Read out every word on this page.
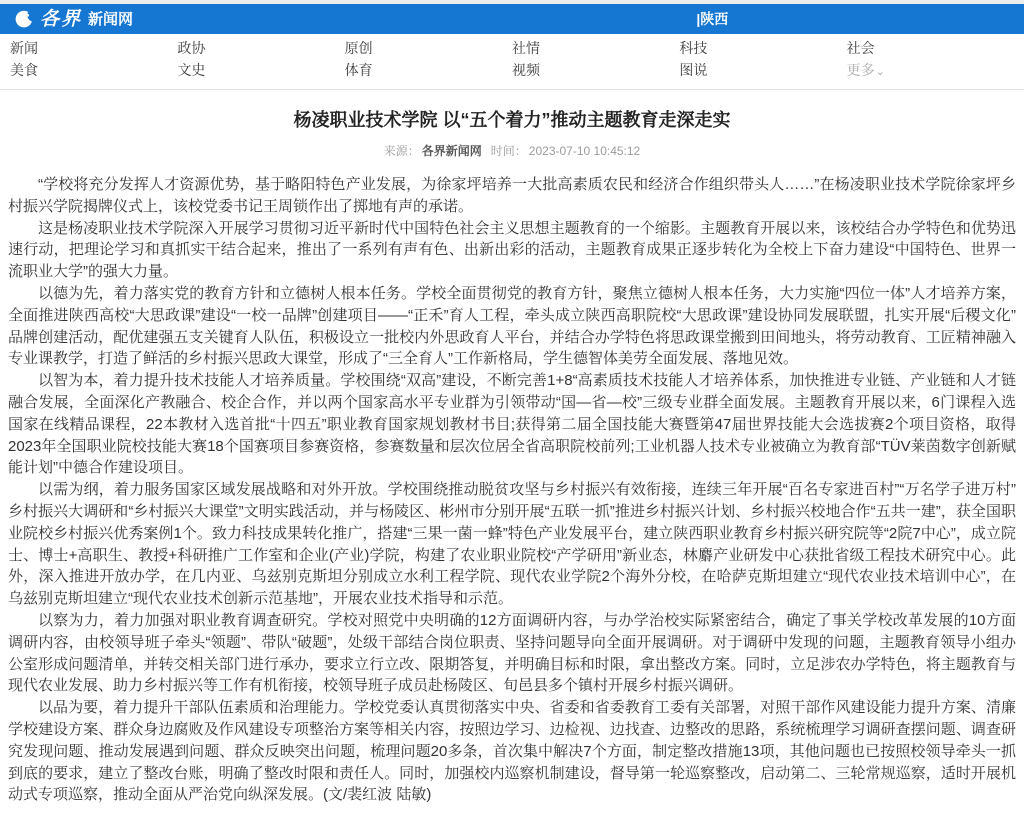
各界 新闻网	|陕西
新闻	政协	原创	社情	科技	社会
美食	文史	体育	视频	图说	更多⌄
杨凌职业技术学院 以“五个着力”推动主题教育走深走实
来源： 各界新闻网 时间： 2023-07-10 10:45:12

“学校将充分发挥人才资源优势，基于略阳特色产业发展，为徐家坪培养一大批高素质农民和经济合作组织带头人……”在杨凌职业技术学院徐家坪乡村振兴学院揭牌仪式上，该校党委书记王周锁作出了掷地有声的承诺。

这是杨凌职业技术学院深入开展学习贯彻习近平新时代中国特色社会主义思想主题教育的一个缩影。主题教育开展以来，该校结合办学特色和优势迅速行动，把理论学习和真抓实干结合起来，推出了一系列有声有色、出新出彩的活动，主题教育成果正逐步转化为全校上下奋力建设“中国特色、世界一流职业大学”的强大力量。

以德为先，着力落实党的教育方针和立德树人根本任务。学校全面贯彻党的教育方针，聚焦立德树人根本任务，大力实施“四位一体”人才培养方案，全面推进陕西高校“大思政课”建设“一校一品牌”创建项目——“正禾”育人工程，牵头成立陕西高职院校“大思政课”建设协同发展联盟，扎实开展“后稷文化”品牌创建活动，配优建强五支关键育人队伍，积极设立一批校内外思政育人平台，并结合办学特色将思政课堂搬到田间地头，将劳动教育、工匠精神融入专业课教学，打造了鲜活的乡村振兴思政大课堂，形成了“三全育人”工作新格局，学生德智体美劳全面发展、落地见效。

以智为本，着力提升技术技能人才培养质量。学校围绕“双高”建设，不断完善1+8“高素质技术技能人才培养体系，加快推进专业链、产业链和人才链融合发展，全面深化产教融合、校企合作，并以两个国家高水平专业群为引领带动“国—省—校”三级专业群全面发展。主题教育开展以来，6门课程入选国家在线精品课程，22本教材入选首批“十四五”职业教育国家规划教材书目;获得第二届全国技能大赛暨第47届世界技能大会选拔赛2个项目资格，取得2023年全国职业院校技能大赛18个国赛项目参赛资格，参赛数量和层次位居全省高职院校前列;工业机器人技术专业被确立为教育部“TÜV莱茵数字创新赋能计划”中德合作建设项目。

以需为纲，着力服务国家区域发展战略和对外开放。学校围绕推动脱贫攻坚与乡村振兴有效衔接，连续三年开展“百名专家进百村”“万名学子进万村”乡村振兴大调研和“乡村振兴大课堂”文明实践活动，并与杨陵区、彬州市分别开展“五联一抓”推进乡村振兴计划、乡村振兴校地合作“五共一建”，获全国职业院校乡村振兴优秀案例1个。致力科技成果转化推广，搭建“三果一菌一蜂”特色产业发展平台，建立陕西职业教育乡村振兴研究院等“2院7中心”，成立院士、博士+高职生、教授+科研推广工作室和企业(产业)学院，构建了农业职业院校“产学研用”新业态，林麝产业研发中心获批省级工程技术研究中心。此外，深入推进开放办学，在几内亚、乌兹别克斯坦分别成立水利工程学院、现代农业学院2个海外分校，在哈萨克斯坦建立“现代农业技术培训中心”，在乌兹别克斯坦建立“现代农业技术创新示范基地”，开展农业技术指导和示范。

以察为力，着力加强对职业教育调查研究。学校对照党中央明确的12方面调研内容，与办学治校实际紧密结合，确定了事关学校改革发展的10方面调研内容，由校领导班子牵头“领题”、带队“破题”，处级干部结合岗位职责、坚持问题导向全面开展调研。对于调研中发现的问题，主题教育领导小组办公室形成问题清单，并转交相关部门进行承办，要求立行立改、限期答复，并明确目标和时限，拿出整改方案。同时，立足涉农办学特色，将主题教育与现代农业发展、助力乡村振兴等工作有机衔接，校领导班子成员赴杨陵区、旬邑县多个镇村开展乡村振兴调研。

以品为要，着力提升干部队伍素质和治理能力。学校党委认真贯彻落实中央、省委和省委教育工委有关部署，对照干部作风建设能力提升方案、清廉学校建设方案、群众身边腐败及作风建设专项整治方案等相关内容，按照边学习、边检视、边找查、边整改的思路，系统梳理学习调研查摆问题、调查研究发现问题、推动发展遇到问题、群众反映突出问题，梳理问题20多条，首次集中解决7个方面，制定整改措施13项，其他问题也已按照校领导牵头一抓到底的要求，建立了整改台账，明确了整改时限和责任人。同时，加强校内巡察机制建设，督导第一轮巡察整改，启动第二、三轮常规巡察，适时开展机动式专项巡察，推动全面从严治党向纵深发展。(文/裴红波 陆敏)
